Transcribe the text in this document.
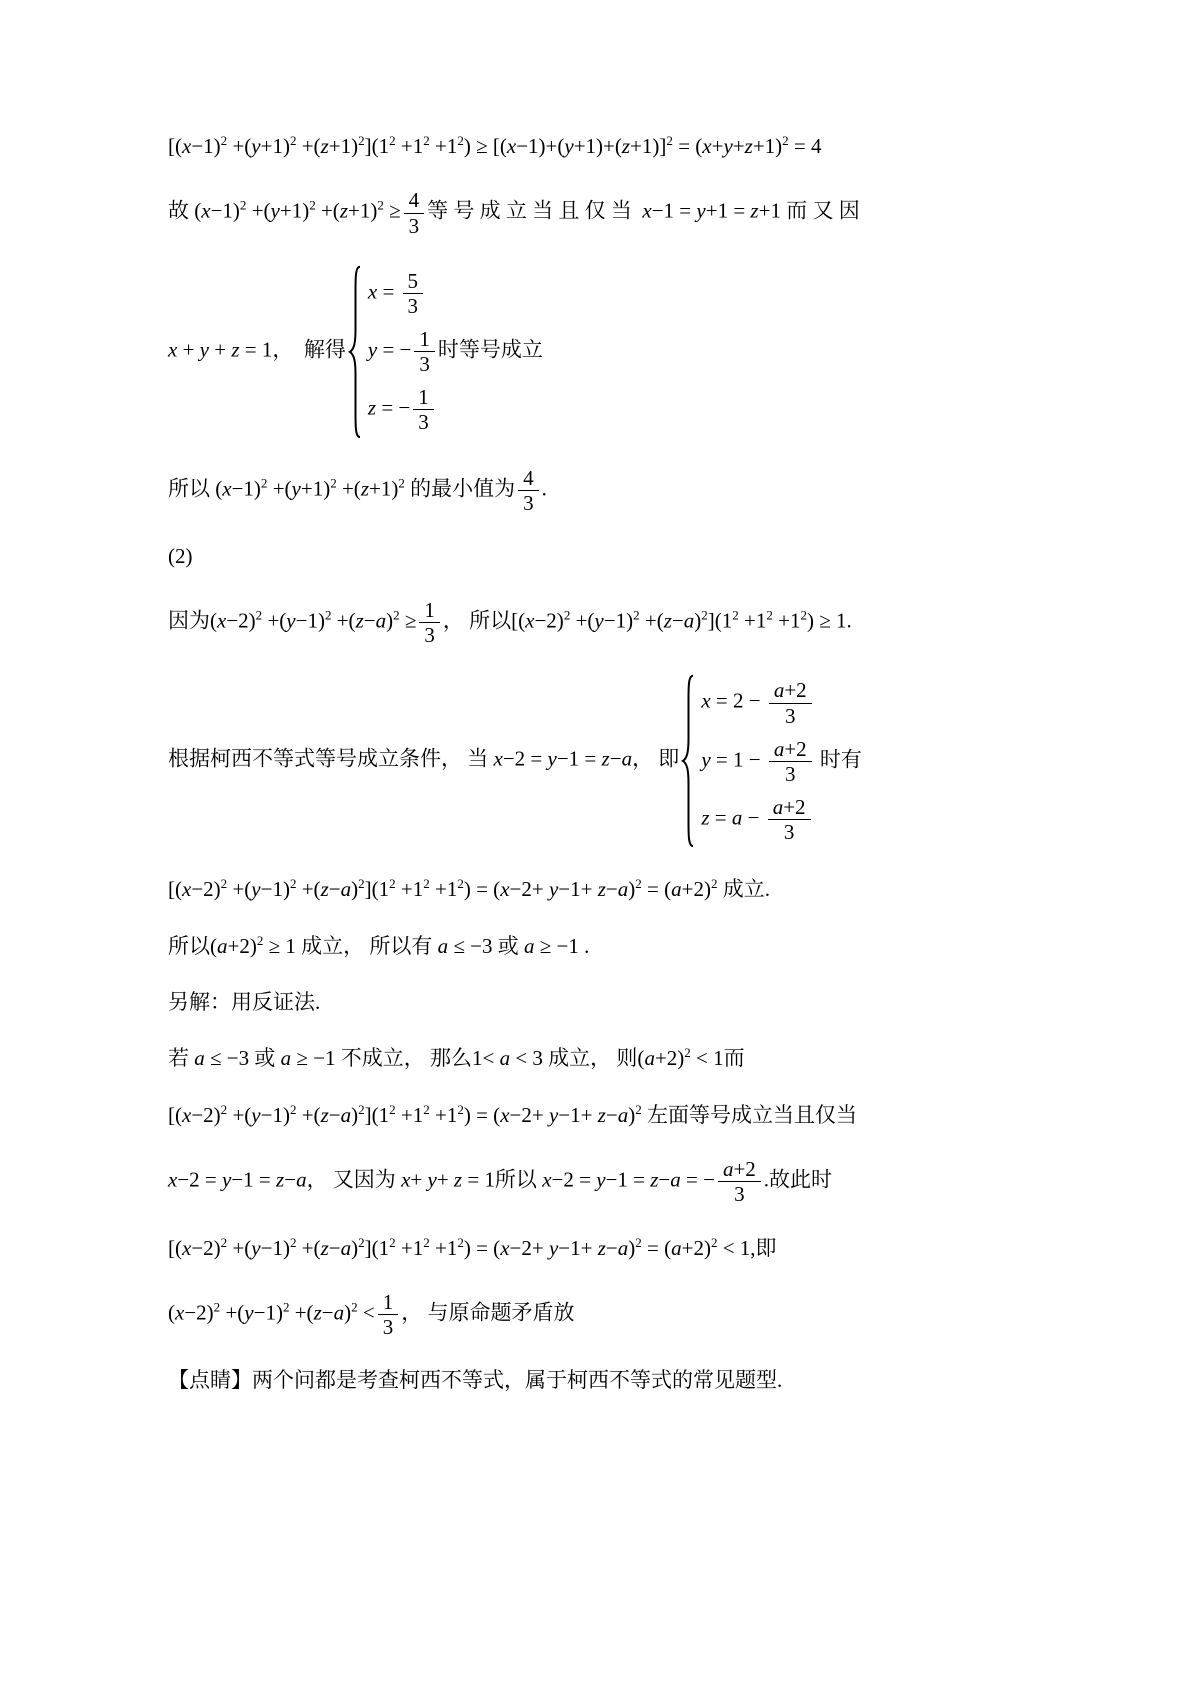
$[(x-1)^2 +(y+1)^2 +(z+1)^2](1^2 +1^2 +1^2) \ge [(x-1)+(y+1)+(z+1)]^2 = (x+y+z+1)^2 = 4$
故 $(x-1)^2 +(y+1)^2 +(z+1)^2 \ge \frac{4}{3}$ 等 号 成 立 当 且 仅 当  x−1 = y+1 = z+1 而 又 因
x + y + z = 1，  解得
$x = \frac{5}{3}$
y = − $\frac{1}{3}$ 时等号成立
z = − $\frac{1}{3}$
所以 $(x-1)^2 +(y+1)^2 +(z+1)^2$ 的最小值为 $\frac{4}{3}$ .
(2)
因为$(x-2)^2 +(y-1)^2 +(z-a)^2 \ge \frac{1}{3}$ ， 所以$[(x-2)^2 +(y-1)^2 +(z-a)^2](1^2 +1^2 +1^2) \ge 1$.
根据柯西不等式等号成立条件， 当 x−2 = y−1 = z−a， 即
$x = 2 - \frac{a+2}{3}$
$y = 1 - \frac{a+2}{3}$ 时有
$z = a - \frac{a+2}{3}$
$[(x-2)^2 +(y-1)^2 +(z-a)^2](1^2 +1^2 +1^2) = (x-2+ y-1+ z-a)^2 = (a+2)^2$ 成立.
所以$(a+2)^2 \ge 1$ 成立， 所以有 a ≤ −3 或 a ≥ −1 .
另解：用反证法.
若 a ≤ −3 或 a ≥ −1 不成立， 那么1< a < 3 成立， 则$(a+2)^2 < 1$而
$[(x-2)^2 +(y-1)^2 +(z-a)^2](1^2 +1^2 +1^2) = (x-2+ y-1+ z-a)^2$ 左面等号成立当且仅当
x−2 = y−1 = z−a， 又因为 x+ y+ z = 1所以 x−2 = y−1 = z−a = − $\frac{a+2}{3}$ .故此时
$[(x-2)^2 +(y-1)^2 +(z-a)^2](1^2 +1^2 +1^2) = (x-2+ y-1+ z-a)^2 = (a+2)^2 < 1$,即
$(x-2)^2 +(y-1)^2 +(z-a)^2 < \frac{1}{3}$ ， 与原命题矛盾放
【点睛】两个问都是考查柯西不等式，属于柯西不等式的常见题型.
